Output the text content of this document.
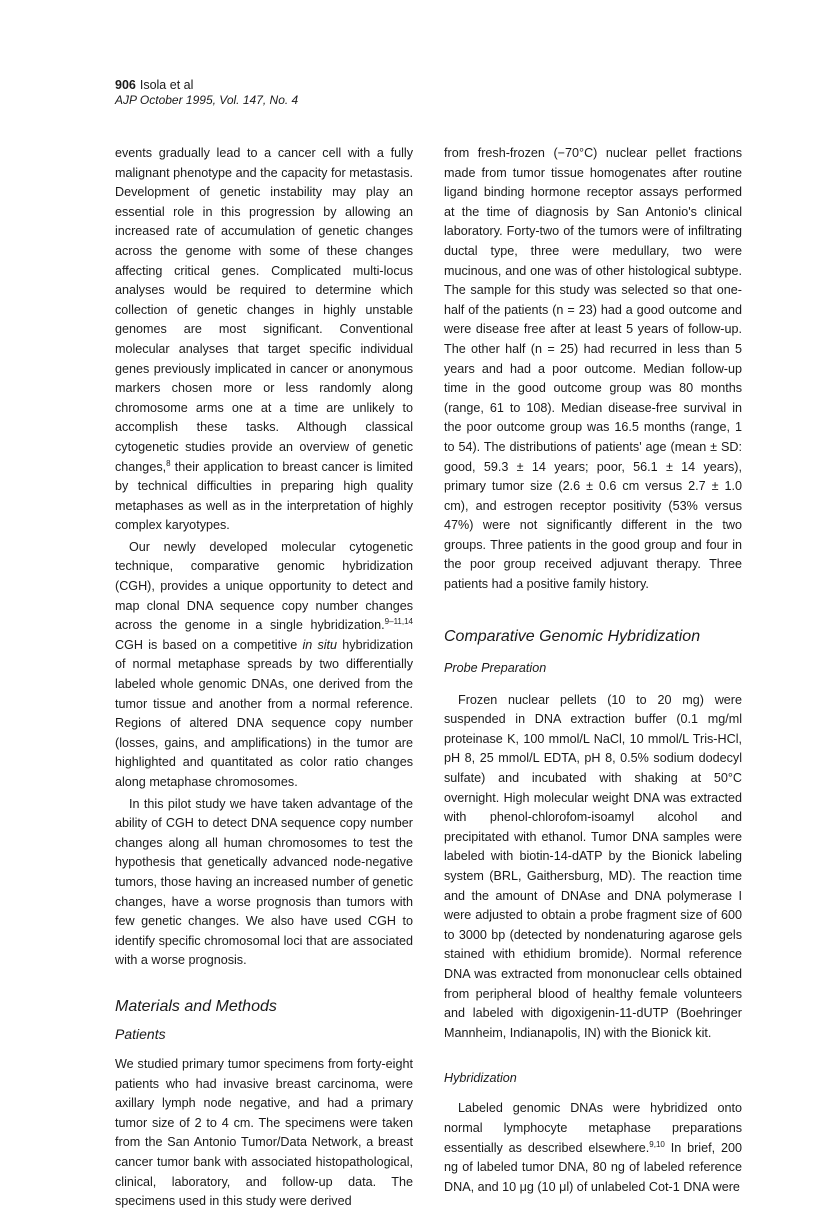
906 Isola et al
AJP October 1995, Vol. 147, No. 4

events gradually lead to a cancer cell with a fully malignant phenotype and the capacity for metastasis. Development of genetic instability may play an essential role in this progression by allowing an increased rate of accumulation of genetic changes across the genome with some of these changes affecting critical genes. Complicated multi-locus analyses would be required to determine which collection of genetic changes in highly unstable genomes are most significant. Conventional molecular analyses that target specific individual genes previously implicated in cancer or anonymous markers chosen more or less randomly along chromosome arms one at a time are unlikely to accomplish these tasks. Although classical cytogenetic studies provide an overview of genetic changes,$^8$ their application to breast cancer is limited by technical difficulties in preparing high quality metaphases as well as in the interpretation of highly complex karyotypes.

Our newly developed molecular cytogenetic technique, comparative genomic hybridization (CGH), provides a unique opportunity to detect and map clonal DNA sequence copy number changes across the genome in a single hybridization.$^{9-11,14}$ CGH is based on a competitive in situ hybridization of normal metaphase spreads by two differentially labeled whole genomic DNAs, one derived from the tumor tissue and another from a normal reference. Regions of altered DNA sequence copy number (losses, gains, and amplifications) in the tumor are highlighted and quantitated as color ratio changes along metaphase chromosomes.

In this pilot study we have taken advantage of the ability of CGH to detect DNA sequence copy number changes along all human chromosomes to test the hypothesis that genetically advanced node-negative tumors, those having an increased number of genetic changes, have a worse prognosis than tumors with few genetic changes. We also have used CGH to identify specific chromosomal loci that are associated with a worse prognosis.

Materials and Methods
Patients

We studied primary tumor specimens from forty-eight patients who had invasive breast carcinoma, were axillary lymph node negative, and had a primary tumor size of 2 to 4 cm. The specimens were taken from the San Antonio Tumor/Data Network, a breast cancer tumor bank with associated histopathological, clinical, laboratory, and follow-up data. The specimens used in this study were derived

from fresh-frozen (−70°C) nuclear pellet fractions made from tumor tissue homogenates after routine ligand binding hormone receptor assays performed at the time of diagnosis by San Antonio's clinical laboratory. Forty-two of the tumors were of infiltrating ductal type, three were medullary, two were mucinous, and one was of other histological subtype. The sample for this study was selected so that one-half of the patients (n = 23) had a good outcome and were disease free after at least 5 years of follow-up. The other half (n = 25) had recurred in less than 5 years and had a poor outcome. Median follow-up time in the good outcome group was 80 months (range, 61 to 108). Median disease-free survival in the poor outcome group was 16.5 months (range, 1 to 54). The distributions of patients' age (mean ± SD: good, 59.3 ± 14 years; poor, 56.1 ± 14 years), primary tumor size (2.6 ± 0.6 cm versus 2.7 ± 1.0 cm), and estrogen receptor positivity (53% versus 47%) were not significantly different in the two groups. Three patients in the good group and four in the poor group received adjuvant therapy. Three patients had a positive family history.

Comparative Genomic Hybridization
Probe Preparation

Frozen nuclear pellets (10 to 20 mg) were suspended in DNA extraction buffer (0.1 mg/ml proteinase K, 100 mmol/L NaCl, 10 mmol/L Tris-HCl, pH 8, 25 mmol/L EDTA, pH 8, 0.5% sodium dodecyl sulfate) and incubated with shaking at 50°C overnight. High molecular weight DNA was extracted with phenol-chlorofom-isoamyl alcohol and precipitated with ethanol. Tumor DNA samples were labeled with biotin-14-dATP by the Bionick labeling system (BRL, Gaithersburg, MD). The reaction time and the amount of DNAse and DNA polymerase I were adjusted to obtain a probe fragment size of 600 to 3000 bp (detected by nondenaturing agarose gels stained with ethidium bromide). Normal reference DNA was extracted from mononuclear cells obtained from peripheral blood of healthy female volunteers and labeled with digoxigenin-11-dUTP (Boehringer Mannheim, Indianapolis, IN) with the Bionick kit.

Hybridization

Labeled genomic DNAs were hybridized onto normal lymphocyte metaphase preparations essentially as described elsewhere.$^{9,10}$ In brief, 200 ng of labeled tumor DNA, 80 ng of labeled reference DNA, and 10 μg (10 μl) of unlabeled Cot-1 DNA were
